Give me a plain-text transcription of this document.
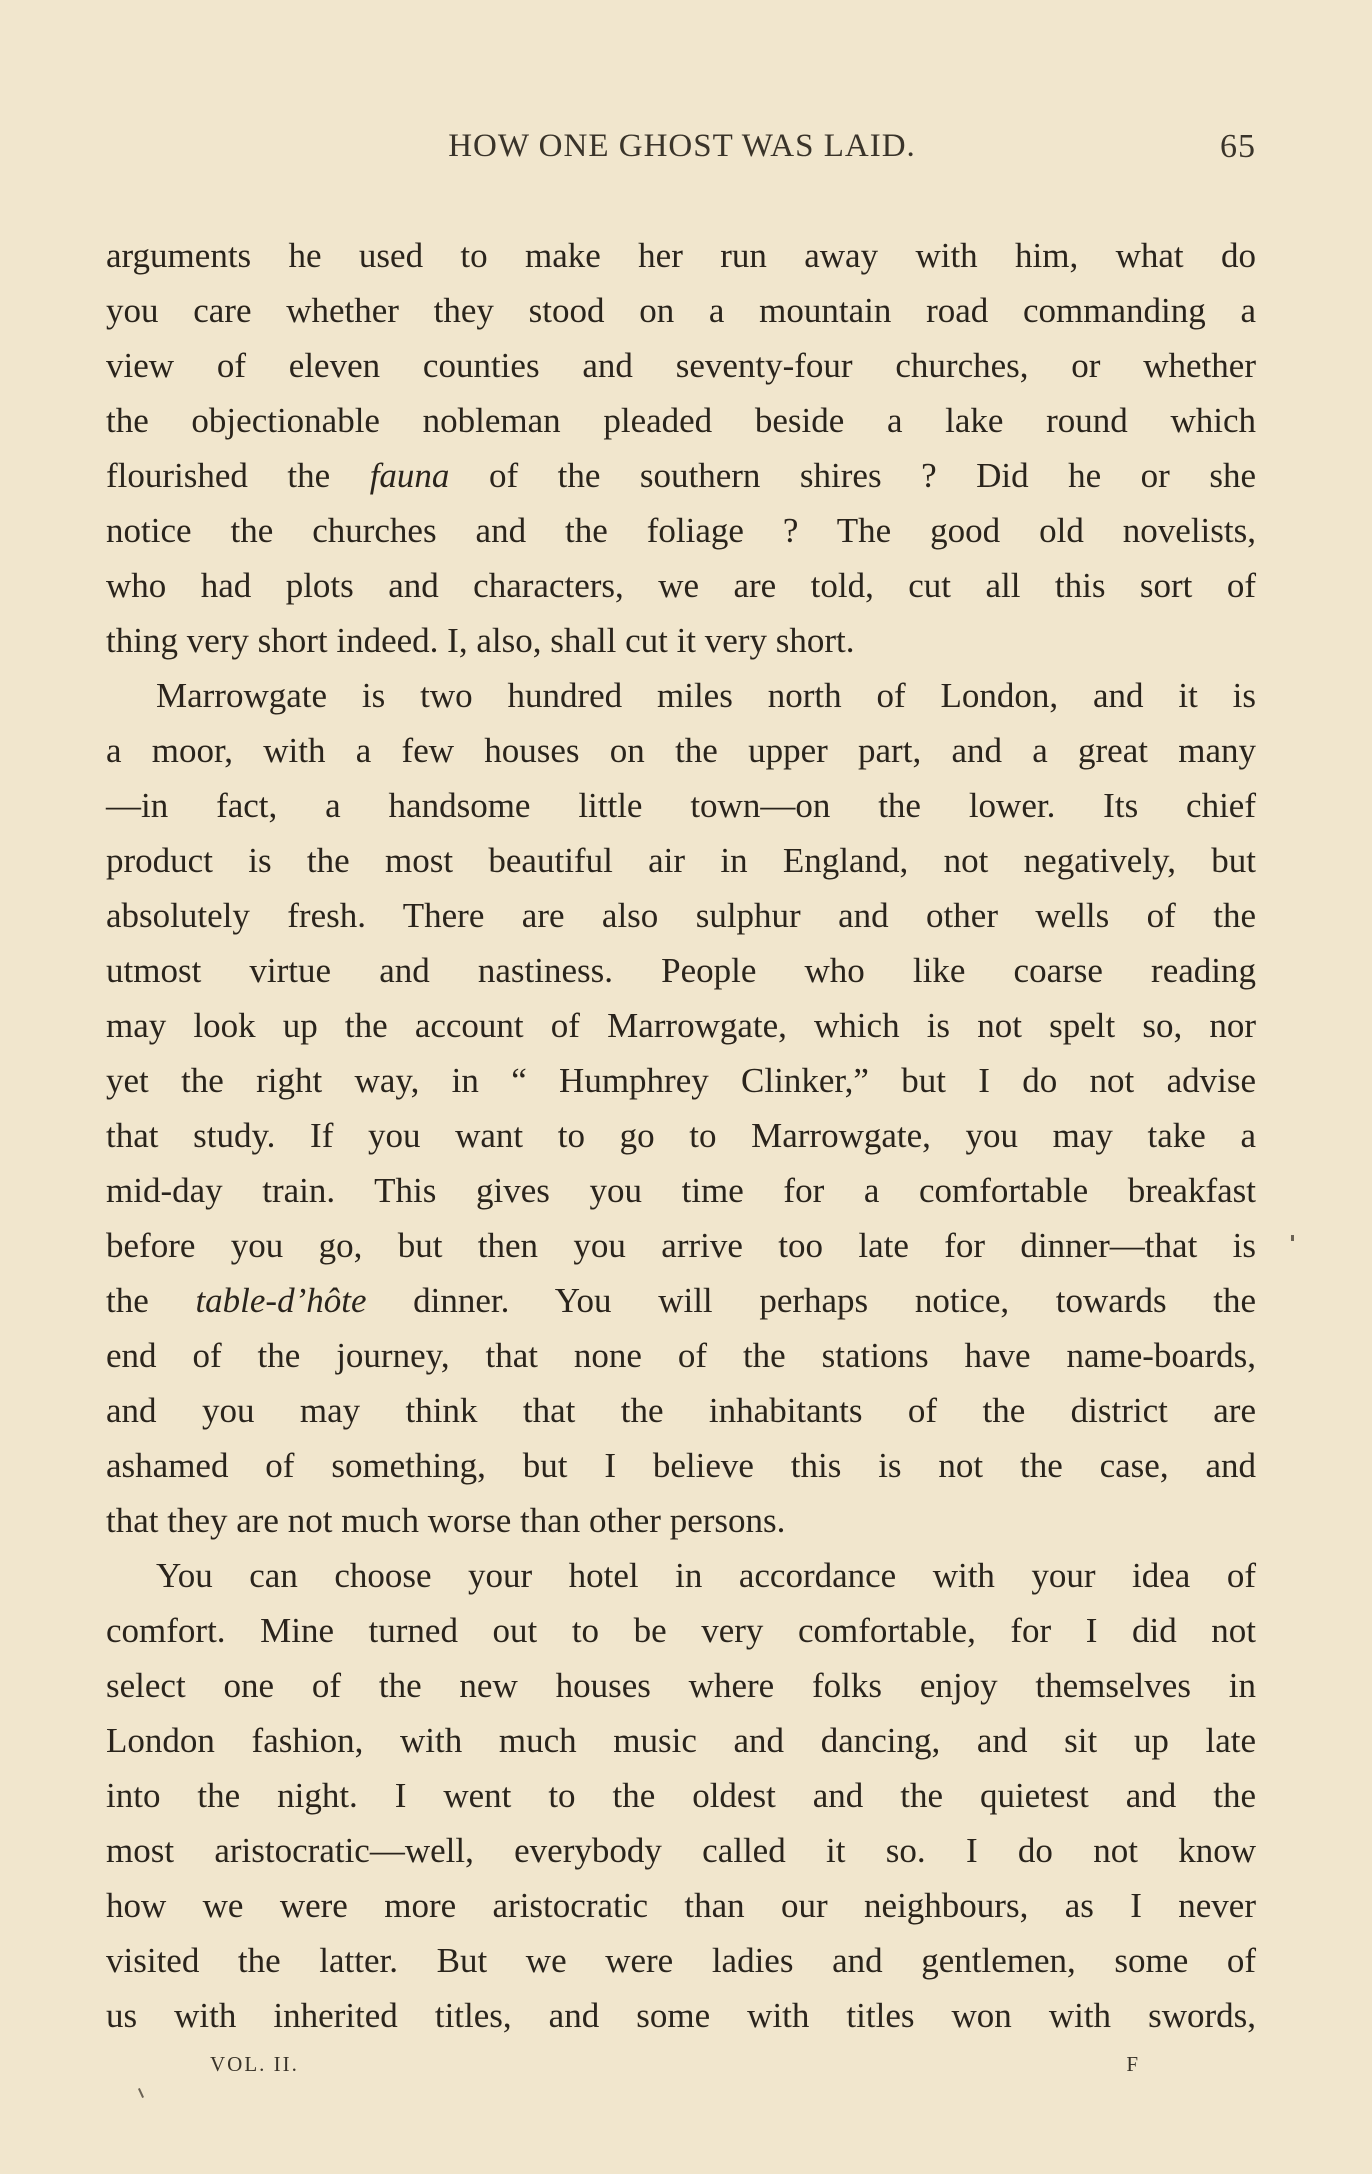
HOW ONE GHOST WAS LAID.	65
arguments he used to make her run away with him, what do
you care whether they stood on a mountain road commanding a
view of eleven counties and seventy-four churches, or whether
the objectionable nobleman pleaded beside a lake round which
flourished the fauna of the southern shires ? Did he or she
notice the churches and the foliage ? The good old novelists,
who had plots and characters, we are told, cut all this sort of
thing very short indeed. I, also, shall cut it very short.
Marrowgate is two hundred miles north of London, and it is
a moor, with a few houses on the upper part, and a great many
—in fact, a handsome little town—on the lower. Its chief
product is the most beautiful air in England, not negatively, but
absolutely fresh. There are also sulphur and other wells of the
utmost virtue and nastiness. People who like coarse reading
may look up the account of Marrowgate, which is not spelt so, nor
yet the right way, in “ Humphrey Clinker,” but I do not advise
that study. If you want to go to Marrowgate, you may take a
mid-day train. This gives you time for a comfortable breakfast
before you go, but then you arrive too late for dinner—that is
the table-d’hôte dinner. You will perhaps notice, towards the
end of the journey, that none of the stations have name-boards,
and you may think that the inhabitants of the district are
ashamed of something, but I believe this is not the case, and
that they are not much worse than other persons.
You can choose your hotel in accordance with your idea of
comfort. Mine turned out to be very comfortable, for I did not
select one of the new houses where folks enjoy themselves in
London fashion, with much music and dancing, and sit up late
into the night. I went to the oldest and the quietest and the
most aristocratic—well, everybody called it so. I do not know
how we were more aristocratic than our neighbours, as I never
visited the latter. But we were ladies and gentlemen, some of
us with inherited titles, and some with titles won with swords,
VOL. II.	F
